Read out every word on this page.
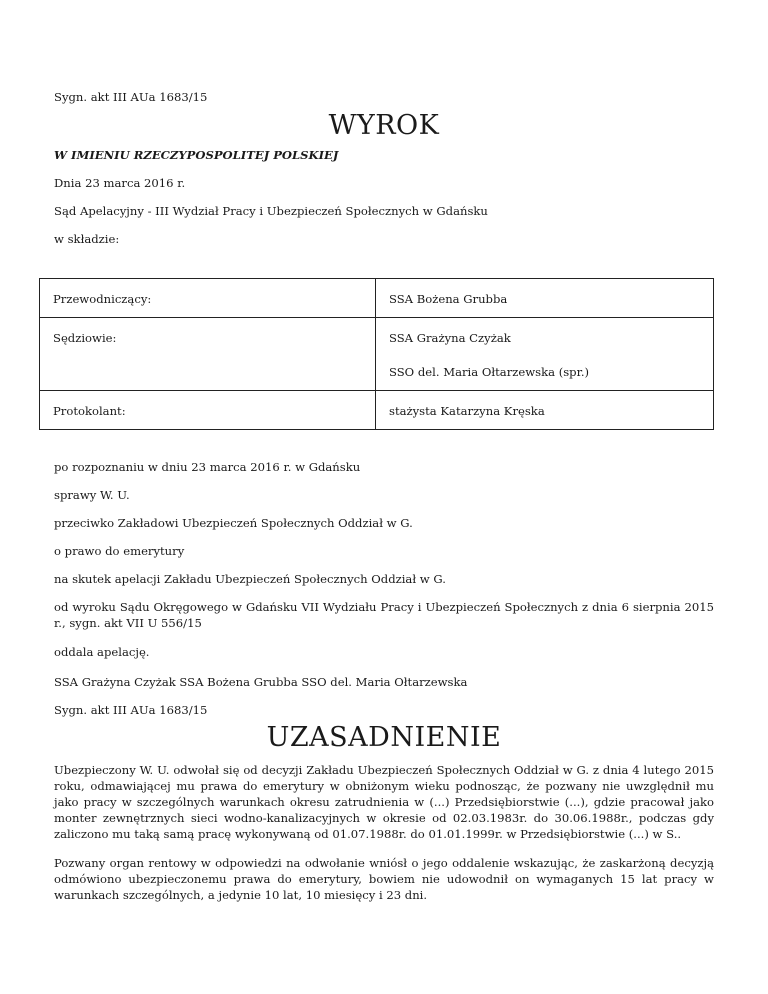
Sygn. akt III AUa 1683/15

WYROK

W IMIENIU RZECZYPOSPOLITEJ POLSKIEJ

Dnia 23 marca 2016 r.

Sąd Apelacyjny - III Wydział Pracy i Ubezpieczeń Społecznych w Gdańsku

w składzie:

Przewodniczący:	SSA Bożena Grubba
Sędziowie:	SSA Grażyna Czyżak
SSO del. Maria Ołtarzewska (spr.)

Protokolant:	stażysta Katarzyna Kręska

po rozpoznaniu w dniu 23 marca 2016 r. w Gdańsku

sprawy W. U.

przeciwko Zakładowi Ubezpieczeń Społecznych Oddział w G.

o prawo do emerytury

na skutek apelacji Zakładu Ubezpieczeń Społecznych Oddział w G.

od wyroku Sądu Okręgowego w Gdańsku VII Wydziału Pracy i Ubezpieczeń Społecznych z dnia 6 sierpnia 2015 r., sygn. akt VII U 556/15

oddala apelację.

SSA Grażyna Czyżak SSA Bożena Grubba SSO del. Maria Ołtarzewska

Sygn. akt III AUa 1683/15

UZASADNIENIE

Ubezpieczony W. U. odwołał się od decyzji Zakładu Ubezpieczeń Społecznych Oddział w G. z dnia 4 lutego 2015 roku, odmawiającej mu prawa do emerytury w obniżonym wieku podnosząc, że pozwany nie uwzględnił mu jako pracy w szczególnych warunkach okresu zatrudnienia w (...) Przedsiębiorstwie (...), gdzie pracował jako monter zewnętrznych sieci wodno-kanalizacyjnych w okresie od 02.03.1983r. do 30.06.1988r., podczas gdy zaliczono mu taką samą pracę wykonywaną od 01.07.1988r. do 01.01.1999r. w Przedsiębiorstwie (...) w S..

Pozwany organ rentowy w odpowiedzi na odwołanie wniósł o jego oddalenie wskazując, że zaskarżoną decyzją odmówiono ubezpieczonemu prawa do emerytury, bowiem nie udowodnił on wymaganych 15 lat pracy w warunkach szczególnych, a jedynie 10 lat, 10 miesięcy i 23 dni.
